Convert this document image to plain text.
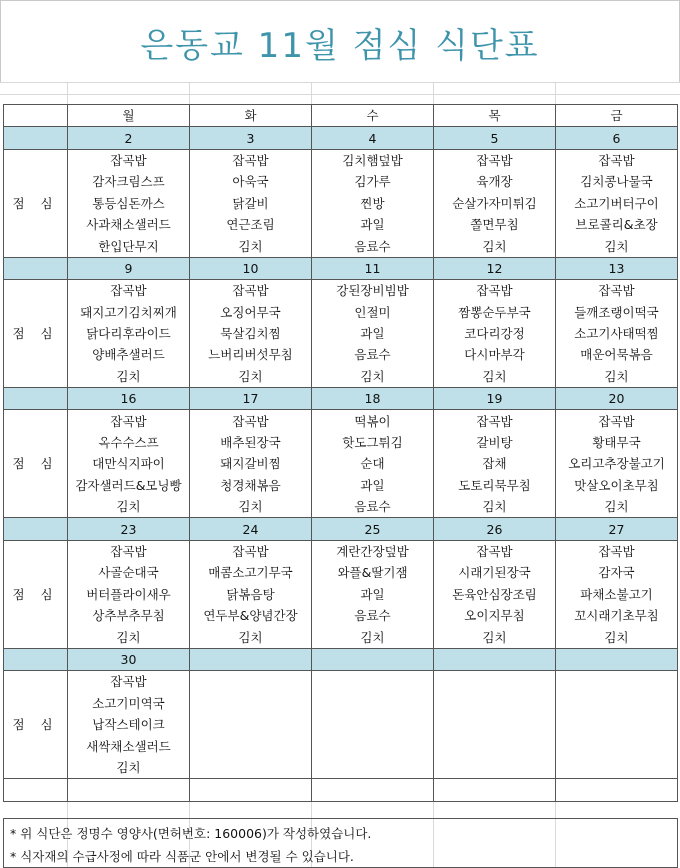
은동교 11월 점심 식단표
	월	화	수	목	금
	2	3	4	5	6
점 심	잡곡밥	잡곡밥	김치햄덮밥	잡곡밥	잡곡밥
	감자크림스프	아욱국	김가루	육개장	김치콩나물국
	통등심돈까스	닭갈비	찐방	순살가자미튀김	소고기버터구이
	사과채소샐러드	연근조림	과일	쫄면무침	브로콜리&초장
	한입단무지	김치	음료수	김치	김치
	9	10	11	12	13
점 심	잡곡밥	잡곡밥	강된장비빔밥	잡곡밥	잡곡밥
	돼지고기김치찌개	오징어무국	인절미	짬뽕순두부국	들깨조랭이떡국
	닭다리후라이드	묵살김치찜	과일	코다리강정	소고기사태떡찜
	양배추샐러드	느버리버섯무침	음료수	다시마부각	매운어묵볶음
	김치	김치	김치	김치	김치
	16	17	18	19	20
점 심	잡곡밥	잡곡밥	떡볶이	잡곡밥	잡곡밥
	옥수수스프	배추된장국	핫도그튀김	갈비탕	황태무국
	대만식지파이	돼지갈비찜	순대	잡채	오리고추장불고기
	감자샐러드&모닝빵	청경채볶음	과일	도토리묵무침	맛살오이초무침
	김치	김치	음료수	김치	김치
	23	24	25	26	27
점 심	잡곡밥	잡곡밥	계란간장덮밥	잡곡밥	잡곡밥
	사골순대국	매콤소고기무국	와플&딸기잼	시래기된장국	감자국
	버터플라이새우	닭볶음탕	과일	돈육안심장조림	파채소불고기
	상추부추무침	연두부&양념간장	음료수	오이지무침	꼬시래기초무침
	김치	김치	김치	김치	김치
	30				
점 심	잡곡밥				
	소고기미역국				
	납작스테이크				
	새싹채소샐러드				
	김치				

* 위 식단은 정명수 영양사(면허번호: 160006)가 작성하였습니다.
* 식자재의 수급사정에 따라 식품군 안에서 변경될 수 있습니다.
